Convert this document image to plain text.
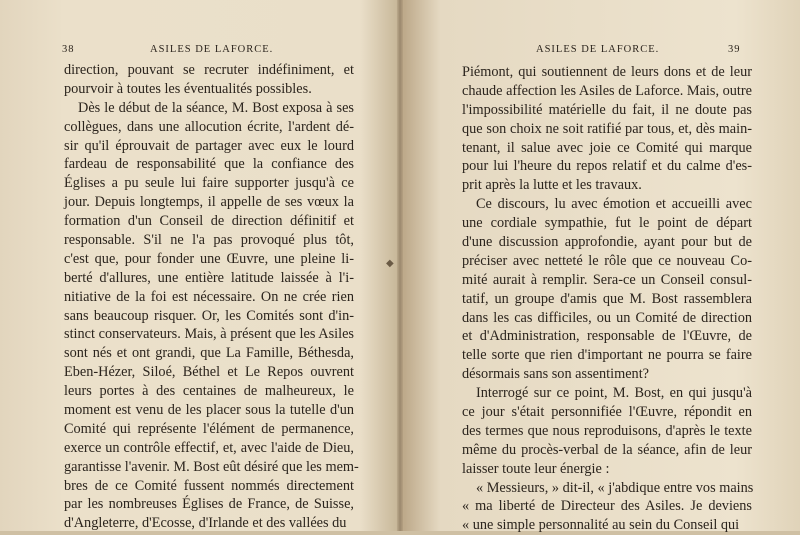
38	ASILES DE LAFORCE.
direction, pouvant se recruter indéfiniment, et
pourvoir à toutes les éventualités possibles.
Dès le début de la séance, M. Bost exposa à ses
collègues, dans une allocution écrite, l'ardent dé-
sir qu'il éprouvait de partager avec eux le lourd
fardeau de responsabilité que la confiance des
Églises a pu seule lui faire supporter jusqu'à ce
jour. Depuis longtemps, il appelle de ses vœux la
formation d'un Conseil de direction définitif et
responsable. S'il ne l'a pas provoqué plus tôt,
c'est que, pour fonder une Œuvre, une pleine li-
berté d'allures, une entière latitude laissée à l'i-
nitiative de la foi est nécessaire. On ne crée rien
sans beaucoup risquer. Or, les Comités sont d'in-
stinct conservateurs. Mais, à présent que les Asiles
sont nés et ont grandi, que La Famille, Béthesda,
Eben-Hézer, Siloé, Béthel et Le Repos ouvrent
leurs portes à des centaines de malheureux, le
moment est venu de les placer sous la tutelle d'un
Comité qui représente l'élément de permanence,
exerce un contrôle effectif, et, avec l'aide de Dieu,
garantisse l'avenir. M. Bost eût désiré que les mem-
bres de ce Comité fussent nommés directement
par les nombreuses Églises de France, de Suisse,
d'Angleterre, d'Ecosse, d'Irlande et des vallées du
◆
ASILES DE LAFORCE.	39
Piémont, qui soutiennent de leurs dons et de leur
chaude affection les Asiles de Laforce. Mais, outre
l'impossibilité matérielle du fait, il ne doute pas
que son choix ne soit ratifié par tous, et, dès main-
tenant, il salue avec joie ce Comité qui marque
pour lui l'heure du repos relatif et du calme d'es-
prit après la lutte et les travaux.
Ce discours, lu avec émotion et accueilli avec
une cordiale sympathie, fut le point de départ
d'une discussion approfondie, ayant pour but de
préciser avec netteté le rôle que ce nouveau Co-
mité aurait à remplir. Sera-ce un Conseil consul-
tatif, un groupe d'amis que M. Bost rassemblera
dans les cas difficiles, ou un Comité de direction
et d'Administration, responsable de l'Œuvre, de
telle sorte que rien d'important ne pourra se faire
désormais sans son assentiment?
Interrogé sur ce point, M. Bost, en qui jusqu'à
ce jour s'était personnifiée l'Œuvre, répondit en
des termes que nous reproduisons, d'après le texte
même du procès-verbal de la séance, afin de leur
laisser toute leur énergie :
« Messieurs, » dit-il, « j'abdique entre vos mains
« ma liberté de Directeur des Asiles. Je deviens
« une simple personnalité au sein du Conseil qui
